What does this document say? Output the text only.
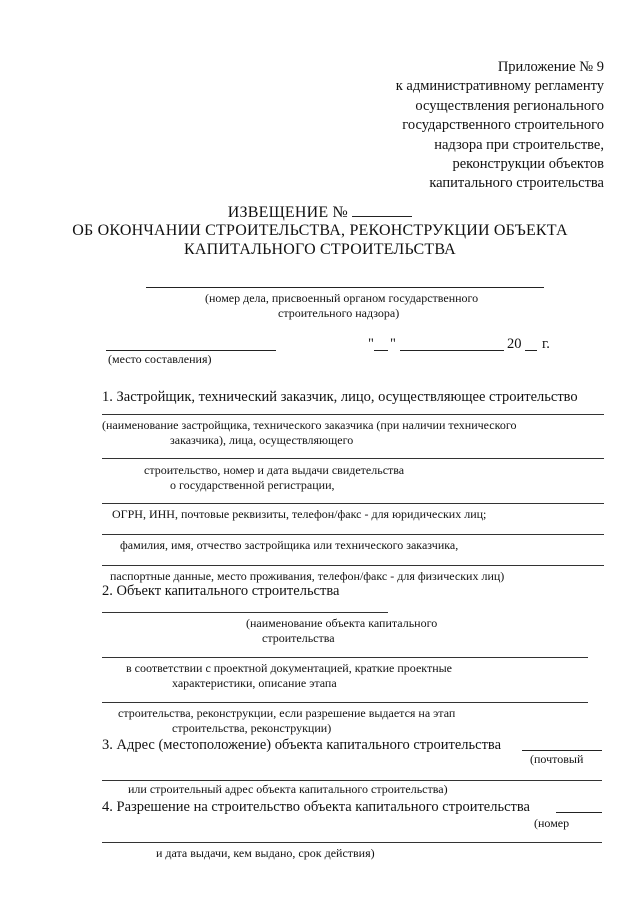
Приложение № 9
к административному регламенту
осуществления регионального
государственного строительного
надзора при строительстве,
реконструкции объектов
капитального строительства
ИЗВЕЩЕНИЕ №
ОБ ОКОНЧАНИИ СТРОИТЕЛЬСТВА, РЕКОНСТРУКЦИИ ОБЪЕКТА
КАПИТАЛЬНОГО СТРОИТЕЛЬСТВА
(номер дела, присвоенный органом государственного
строительного надзора)
" "	20 г.
(место составления)
1. Застройщик, технический заказчик, лицо, осуществляющее строительство
(наименование застройщика, технического заказчика (при наличии технического
заказчика), лица, осуществляющего
строительство, номер и дата выдачи свидетельства
о государственной регистрации,
ОГРН, ИНН, почтовые реквизиты, телефон/факс - для юридических лиц;
фамилия, имя, отчество застройщика или технического заказчика,
паспортные данные, место проживания, телефон/факс - для физических лиц)
2. Объект капитального строительства
(наименование объекта капитального
строительства
в соответствии с проектной документацией, краткие проектные
характеристики, описание этапа
строительства, реконструкции, если разрешение выдается на этап
строительства, реконструкции)
3. Адрес (местоположение) объекта капитального строительства
(почтовый
или строительный адрес объекта капитального строительства)
4. Разрешение на строительство объекта капитального строительства
(номер
и дата выдачи, кем выдано, срок действия)
